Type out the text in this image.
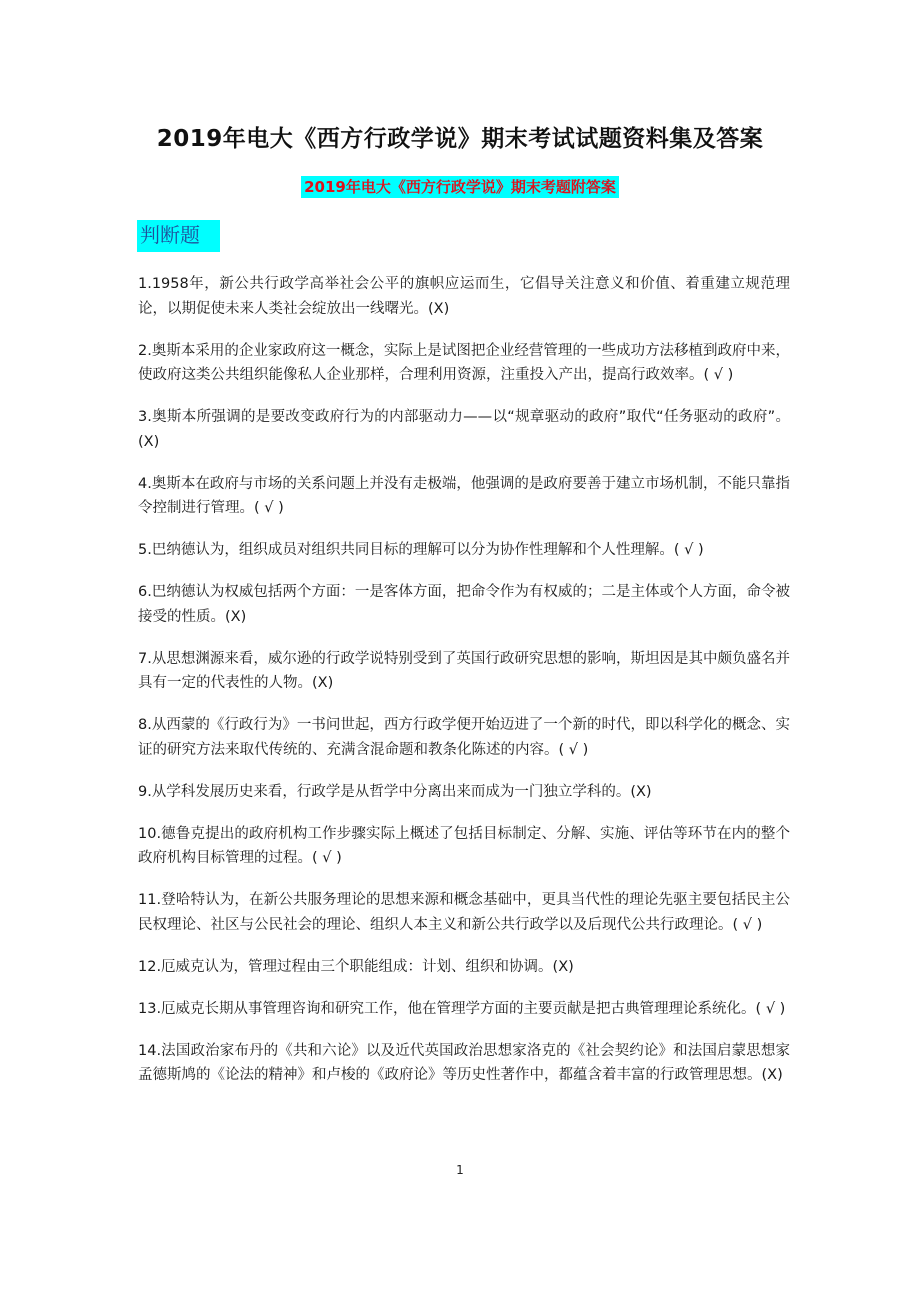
2019年电大《西方行政学说》期末考试试题资料集及答案
2019年电大《西方行政学说》期末考题附答案
判断题

1.1958年，新公共行政学高举社会公平的旗帜应运而生，它倡导关注意义和价值、着重建立规范理论，以期促使未来人类社会绽放出一线曙光。(X)

2.奥斯本采用的企业家政府这一概念，实际上是试图把企业经营管理的一些成功方法移植到政府中来，使政府这类公共组织能像私人企业那样，合理利用资源，注重投入产出，提高行政效率。( √ )

3.奥斯本所强调的是要改变政府行为的内部驱动力——以“规章驱动的政府”取代“任务驱动的政府”。(X)

4.奥斯本在政府与市场的关系问题上并没有走极端，他强调的是政府要善于建立市场机制，不能只靠指令控制进行管理。( √ )

5.巴纳德认为，组织成员对组织共同目标的理解可以分为协作性理解和个人性理解。( √ )

6.巴纳德认为权威包括两个方面：一是客体方面，把命令作为有权威的；二是主体或个人方面，命令被接受的性质。(X)

7.从思想渊源来看，威尔逊的行政学说特别受到了英国行政研究思想的影响，斯坦因是其中颇负盛名并具有一定的代表性的人物。(X)

8.从西蒙的《行政行为》一书问世起，西方行政学便开始迈进了一个新的时代，即以科学化的概念、实证的研究方法来取代传统的、充满含混命题和教条化陈述的内容。( √ )

9.从学科发展历史来看，行政学是从哲学中分离出来而成为一门独立学科的。(X)

10.德鲁克提出的政府机构工作步骤实际上概述了包括目标制定、分解、实施、评估等环节在内的整个政府机构目标管理的过程。( √ )

11.登哈特认为，在新公共服务理论的思想来源和概念基础中，更具当代性的理论先驱主要包括民主公民权理论、社区与公民社会的理论、组织人本主义和新公共行政学以及后现代公共行政理论。( √ )

12.厄威克认为，管理过程由三个职能组成：计划、组织和协调。(X)

13.厄威克长期从事管理咨询和研究工作，他在管理学方面的主要贡献是把古典管理理论系统化。( √ )

14.法国政治家布丹的《共和六论》以及近代英国政治思想家洛克的《社会契约论》和法国启蒙思想家孟德斯鸠的《论法的精神》和卢梭的《政府论》等历史性著作中，都蕴含着丰富的行政管理思想。(X)

1
